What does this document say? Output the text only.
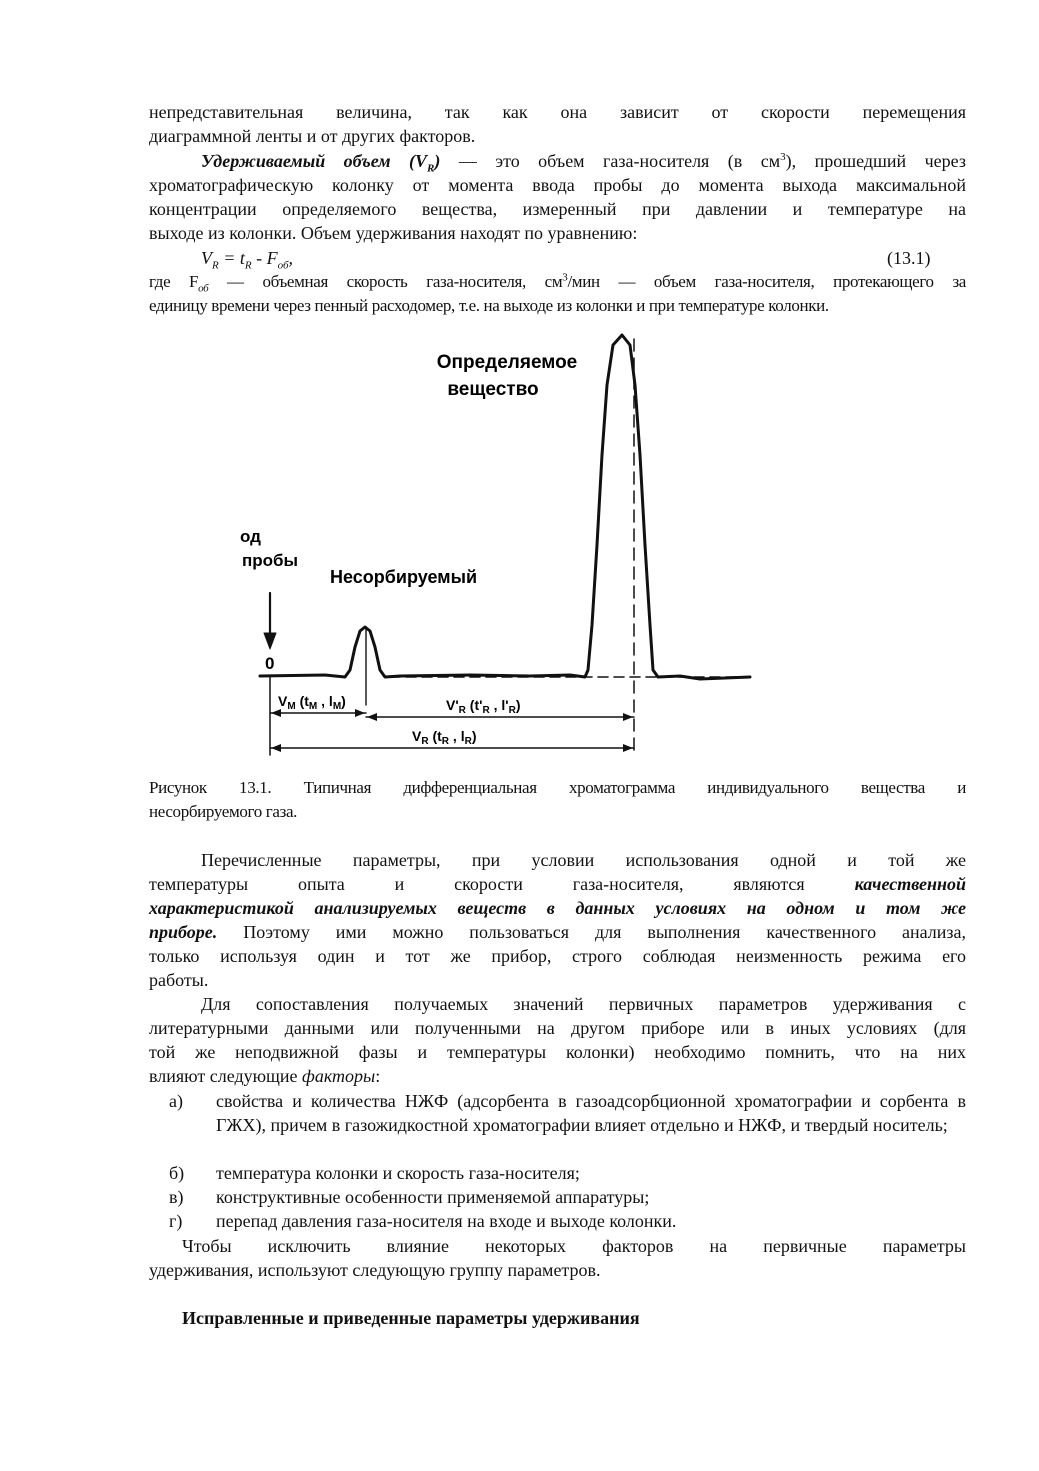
непредставительная величина, так как она зависит от скорости перемещения

диаграммной ленты и от других факторов.

Удерживаемый объем $(V_R)$ — это объем газа-носителя (в $см^3$), прошедший через

хроматографическую колонку от момента ввода пробы до момента выхода максимальной

концентрации определяемого вещества, измеренный при давлении и температуре на

выходе из колонки. Объем удерживания находят по уравнению:

$V_R = t_R - F_{об}$,	(13.1)

где $F_{об}$ — объемная скорость газа-носителя, $см^3$/мин — объем газа-носителя, протекающего за

единицу времени через пенный расходомер, т.е. на выходе из колонки и при температуре колонки.

Определяемое
вещество
од
пробы
Несорбируемый
0
$V_М$ ($t_М$ , $l_М$)	$V'_R$ ($t'_R$ , $l'_R$)
$V_R$ ($t_R$ , $l_R$)

Рисунок 13.1. Типичная дифференциальная хроматограмма индивидуального вещества и

несорбируемого газа.

Перечисленные параметры, при условии использования одной и той же

температуры опыта и скорости газа-носителя, являются качественной

характеристикой анализируемых веществ в данных условиях на одном и том же

приборе. Поэтому ими можно пользоваться для выполнения качественного анализа,

только используя один и тот же прибор, строго соблюдая неизменность режима его

работы.

Для сопоставления получаемых значений первичных параметров удерживания с

литературными данными или полученными на другом приборе или в иных условиях (для

той же неподвижной фазы и температуры колонки) необходимо помнить, что на них

влияют следующие факторы:

а)	свойства и количества НЖФ (адсорбента в газоадсорбционной хроматографии и сорбента в ГЖХ), причем в газожидкостной хроматографии влияет отдельно и НЖФ, и твердый носитель;
б)	температура колонки и скорость газа-носителя;
в)	конструктивные особенности применяемой аппаратуры;
г)	перепад давления газа-носителя на входе и выходе колонки.

Чтобы исключить влияние некоторых факторов на первичные параметры

удерживания, используют следующую группу параметров.

Исправленные и приведенные параметры удерживания
